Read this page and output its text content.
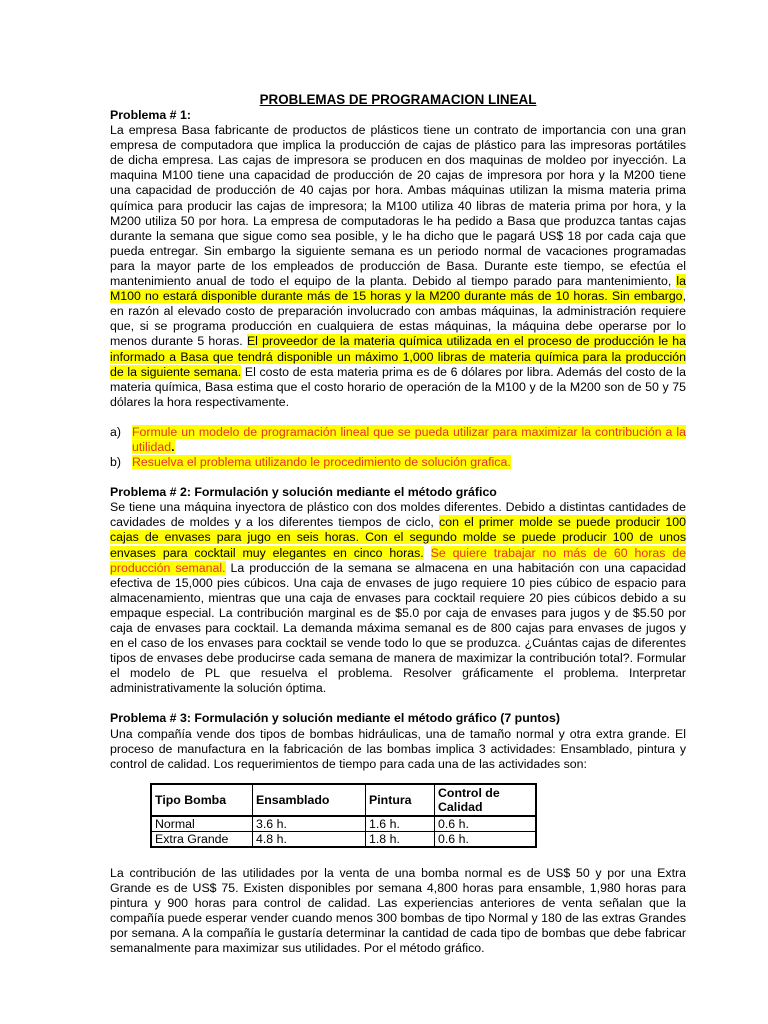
PROBLEMAS DE PROGRAMACION LINEAL
Problema # 1:
La empresa Basa fabricante de productos de plásticos tiene un contrato de importancia con una gran empresa de computadora que implica la producción de cajas de plástico para las impresoras portátiles de dicha empresa. Las cajas de impresora se producen en dos maquinas de moldeo por inyección. La maquina M100 tiene una capacidad de producción de 20 cajas de impresora por hora y la M200 tiene una capacidad de producción de 40 cajas por hora. Ambas máquinas utilizan la misma materia prima química para producir las cajas de impresora; la M100 utiliza 40 libras de materia prima por hora, y la M200 utiliza 50 por hora. La empresa de computadoras le ha pedido a Basa que produzca tantas cajas durante la semana que sigue como sea posible, y le ha dicho que le pagará US$ 18 por cada caja que pueda entregar. Sin embargo la siguiente semana es un periodo normal de vacaciones programadas para la mayor parte de los empleados de producción de Basa. Durante este tiempo, se efectúa el mantenimiento anual de todo el equipo de la planta. Debido al tiempo parado para mantenimiento, la M100 no estará disponible durante más de 15 horas y la M200 durante más de 10 horas. Sin embargo, en razón al elevado costo de preparación involucrado con ambas máquinas, la administración requiere que, si se programa producción en cualquiera de estas máquinas, la máquina debe operarse por lo menos durante 5 horas. El proveedor de la materia química utilizada en el proceso de producción le ha informado a Basa que tendrá disponible un máximo 1,000 libras de materia química para la producción de la siguiente semana. El costo de esta materia prima es de 6 dólares por libra. Además del costo de la materia química, Basa estima que el costo horario de operación de la M100 y de la M200 son de 50 y 75 dólares la hora respectivamente.
a) Formule un modelo de programación lineal que se pueda utilizar para maximizar la contribución a la utilidad.
b) Resuelva el problema utilizando le procedimiento de solución grafica.
Problema # 2: Formulación y solución mediante el método gráfico
Se tiene una máquina inyectora de plástico con dos moldes diferentes. Debido a distintas cantidades de cavidades de moldes y a los diferentes tiempos de ciclo, con el primer molde se puede producir 100 cajas de envases para jugo en seis horas. Con el segundo molde se puede producir 100 de unos envases para cocktail muy elegantes en cinco horas. Se quiere trabajar no más de 60 horas de producción semanal. La producción de la semana se almacena en una habitación con una capacidad efectiva de 15,000 pies cúbicos. Una caja de envases de jugo requiere 10 pies cúbico de espacio para almacenamiento, mientras que una caja de envases para cocktail requiere 20 pies cúbicos debido a su empaque especial. La contribución marginal es de $5.0 por caja de envases para jugos y de $5.50 por caja de envases para cocktail. La demanda máxima semanal es de 800 cajas para envases de jugos y en el caso de los envases para cocktail se vende todo lo que se produzca. ¿Cuántas cajas de diferentes tipos de envases debe producirse cada semana de manera de maximizar la contribución total?. Formular el modelo de PL que resuelva el problema. Resolver gráficamente el problema. Interpretar administrativamente la solución óptima.
Problema # 3: Formulación y solución mediante el método gráfico (7 puntos)
Una compañía vende dos tipos de bombas hidráulicas, una de tamaño normal y otra extra grande. El proceso de manufactura en la fabricación de las bombas implica 3 actividades: Ensamblado, pintura y control de calidad. Los requerimientos de tiempo para cada una de las actividades son:
Tipo Bomba	Ensamblado	Pintura	Control de Calidad
Normal	3.6 h.	1.6 h.	0.6 h.
Extra Grande	4.8 h.	1.8 h.	0.6 h.
La contribución de las utilidades por la venta de una bomba normal es de US$ 50 y por una Extra Grande es de US$ 75. Existen disponibles por semana 4,800 horas para ensamble, 1,980 horas para pintura y 900 horas para control de calidad. Las experiencias anteriores de venta señalan que la compañía puede esperar vender cuando menos 300 bombas de tipo Normal y 180 de las extras Grandes por semana. A la compañía le gustaría determinar la cantidad de cada tipo de bombas que debe fabricar semanalmente para maximizar sus utilidades. Por el método gráfico.
